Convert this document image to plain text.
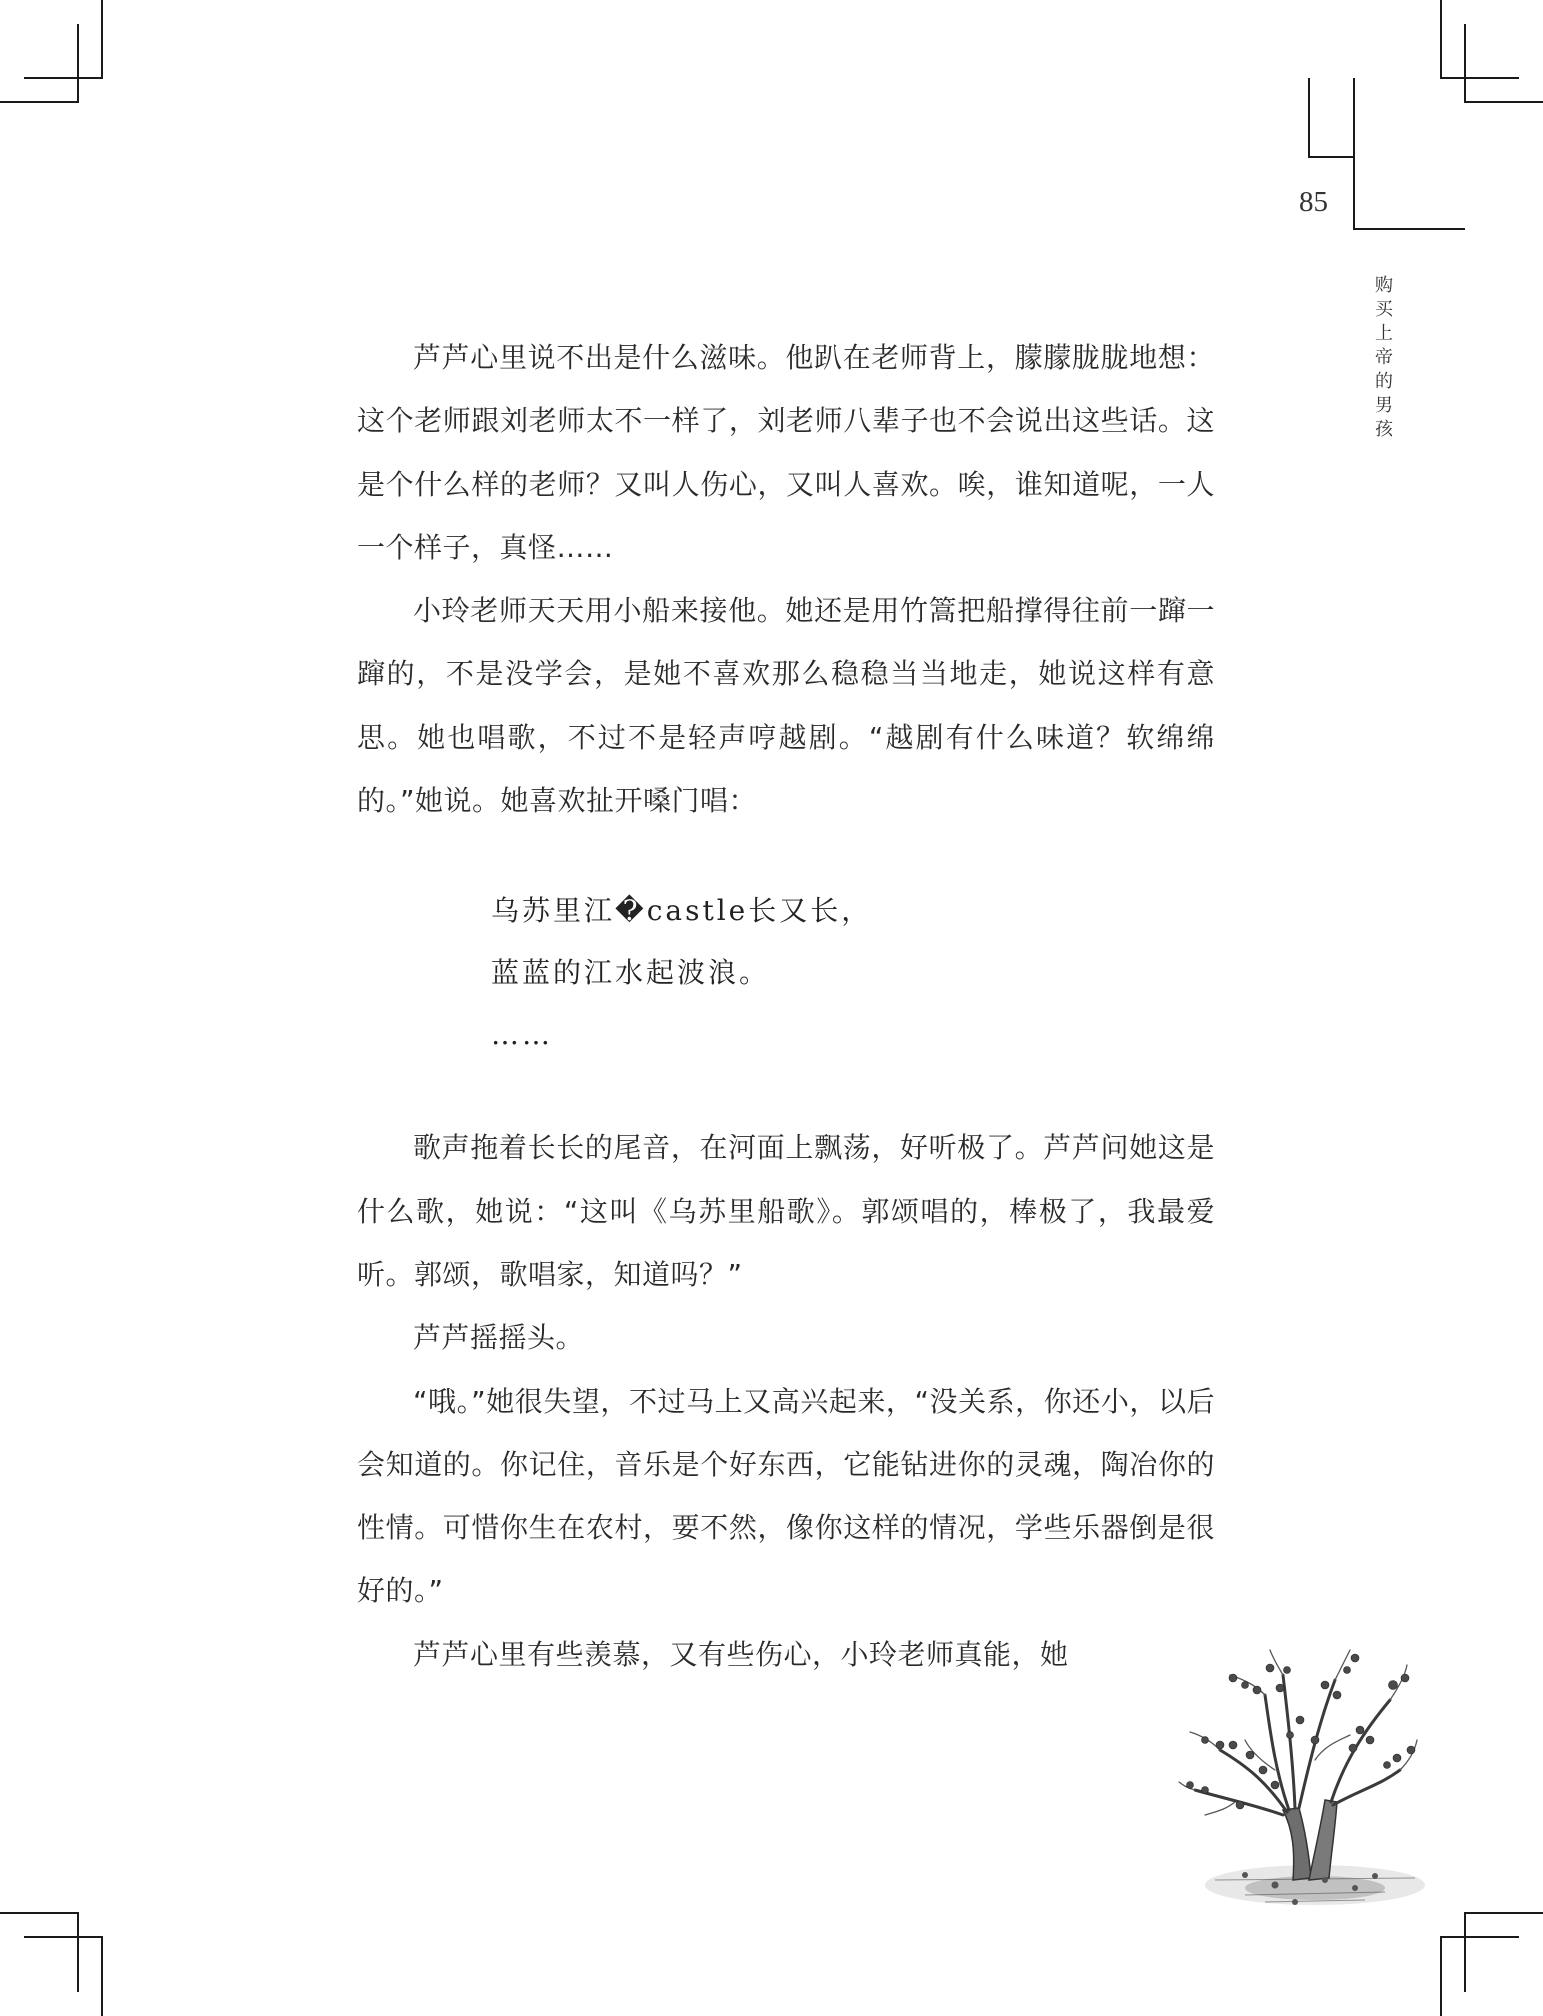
85
购买上帝的男孩

芦芦心里说不出是什么滋味。他趴在老师背上，朦朦胧胧地想：这个老师跟刘老师太不一样了，刘老师八辈子也不会说出这些话。这是个什么样的老师？又叫人伤心，又叫人喜欢。唉，谁知道呢，一人一个样子，真怪……

小玲老师天天用小船来接他。她还是用竹篙把船撑得往前一蹿一蹿的，不是没学会，是她不喜欢那么稳稳当当地走，她说这样有意思。她也唱歌，不过不是轻声哼越剧。“越剧有什么味道？软绵绵的。”她说。她喜欢扯开嗓门唱：

乌苏里江�castle长又长，
蓝蓝的江水起波浪。
……

歌声拖着长长的尾音，在河面上飘荡，好听极了。芦芦问她这是什么歌，她说：“这叫《乌苏里船歌》。郭颂唱的，棒极了，我最爱听。郭颂，歌唱家，知道吗？”

芦芦摇摇头。

“哦。”她很失望，不过马上又高兴起来，“没关系，你还小，以后会知道的。你记住，音乐是个好东西，它能钻进你的灵魂，陶冶你的性情。可惜你生在农村，要不然，像你这样的情况，学些乐器倒是很好的。”

芦芦心里有些羡慕，又有些伤心，小玲老师真能，她
